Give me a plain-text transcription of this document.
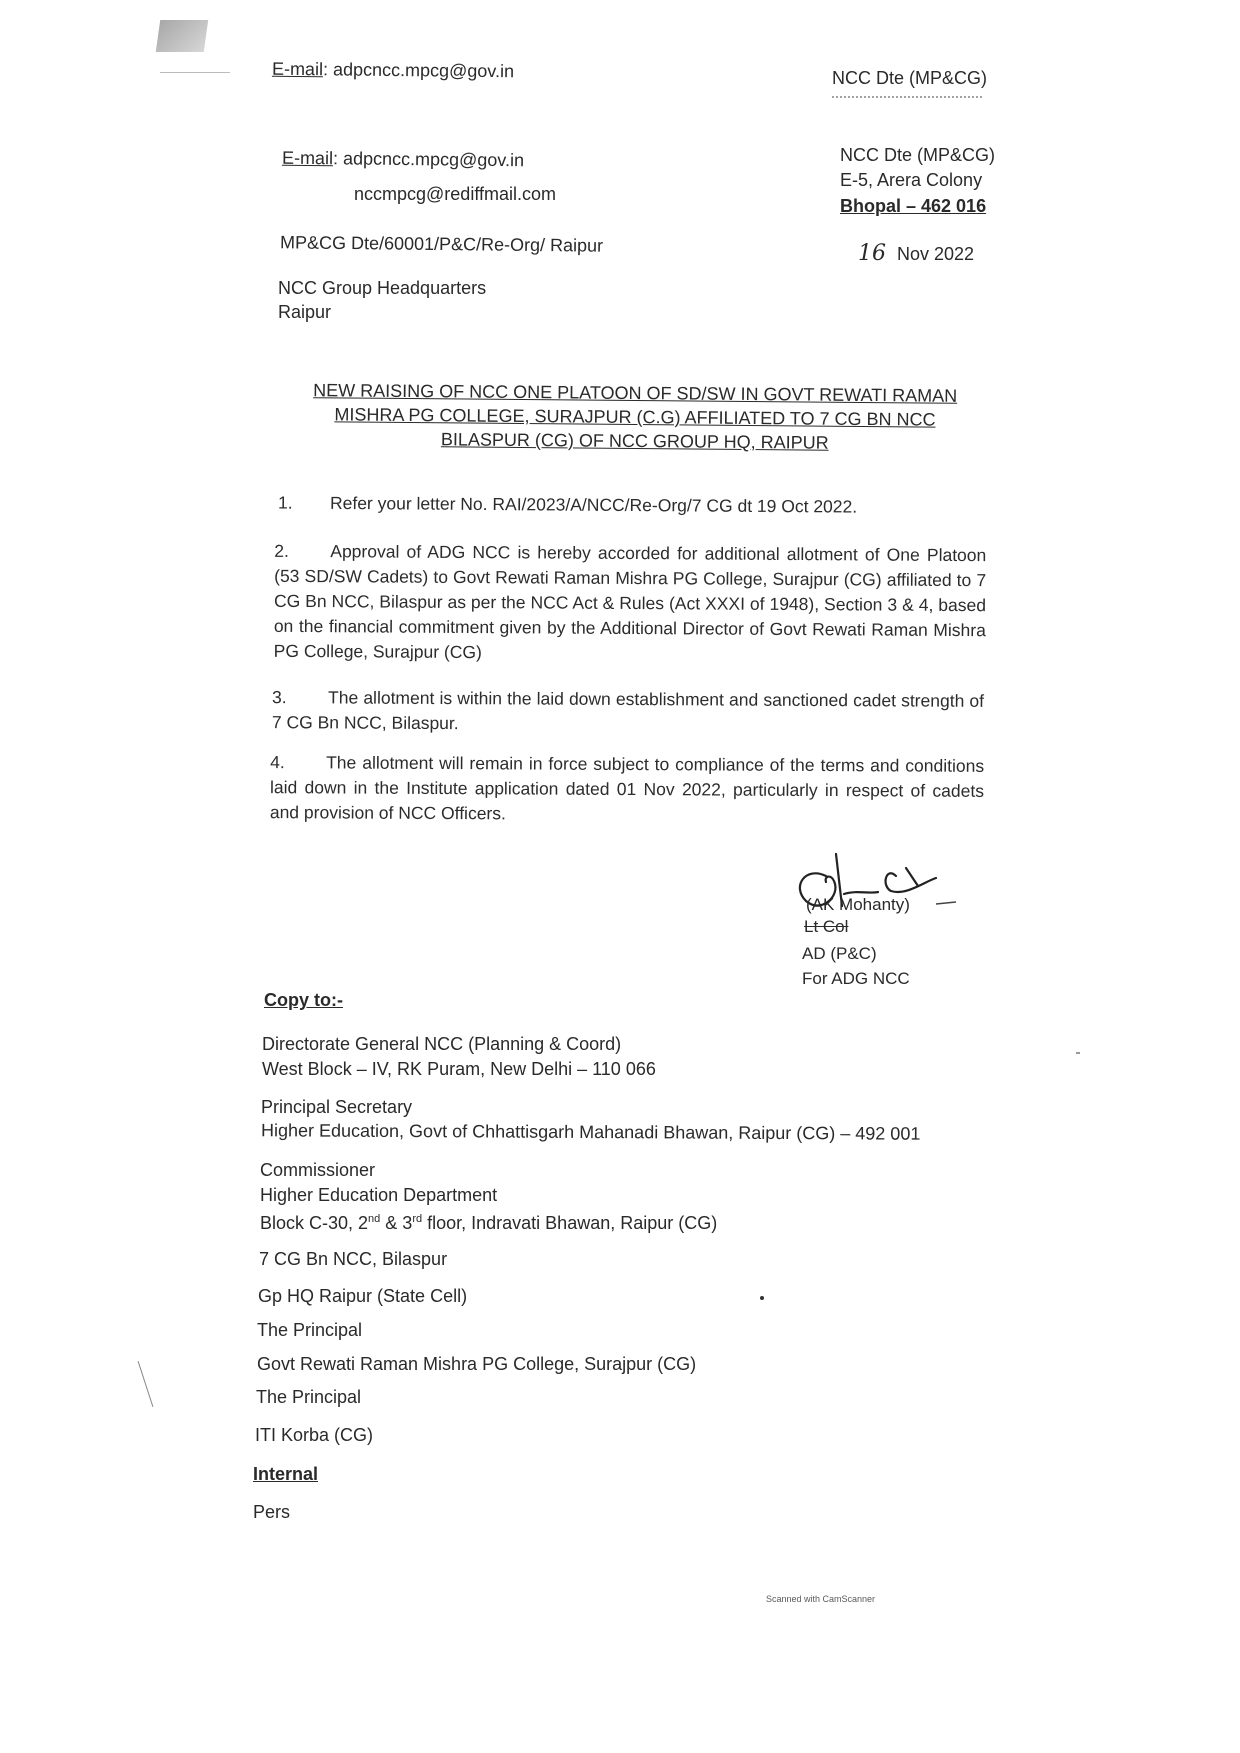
E-mail: adpcncc.mpcg@gov.in	NCC Dte (MP&CG)
E-mail: adpcncc.mpcg@gov.in
nccmpcg@rediffmail.com
MP&CG Dte/60001/P&C/Re-Org/ Raipur
NCC Group Headquarters
Raipur
NCC Dte (MP&CG)
E-5, Arera Colony
Bhopal – 462 016
16 Nov 2022
NEW RAISING OF NCC ONE PLATOON OF SD/SW IN GOVT REWATI RAMAN
MISHRA PG COLLEGE, SURAJPUR (C.G) AFFILIATED TO 7 CG BN NCC
BILASPUR (CG) OF NCC GROUP HQ, RAIPUR
1. Refer your letter No. RAI/2023/A/NCC/Re-Org/7 CG dt 19 Oct 2022.
2. Approval of ADG NCC is hereby accorded for additional allotment of One Platoon (53 SD/SW Cadets) to Govt Rewati Raman Mishra PG College, Surajpur (CG) affiliated to 7 CG Bn NCC, Bilaspur as per the NCC Act & Rules (Act XXXI of 1948), Section 3 & 4, based on the financial commitment given by the Additional Director of Govt Rewati Raman Mishra PG College, Surajpur (CG)
3. The allotment is within the laid down establishment and sanctioned cadet strength of 7 CG Bn NCC, Bilaspur.
4. The allotment will remain in force subject to compliance of the terms and conditions laid down in the Institute application dated 01 Nov 2022, particularly in respect of cadets and provision of NCC Officers.
(AK Mohanty)
Lt Col
AD (P&C)
For ADG NCC
Copy to:-
Directorate General NCC (Planning & Coord)
West Block – IV, RK Puram, New Delhi – 110 066
Principal Secretary
Higher Education, Govt of Chhattisgarh Mahanadi Bhawan, Raipur (CG) – 492 001
Commissioner
Higher Education Department
Block C-30, 2nd & 3rd floor, Indravati Bhawan, Raipur (CG)
7 CG Bn NCC, Bilaspur
Gp HQ Raipur (State Cell)
The Principal
Govt Rewati Raman Mishra PG College, Surajpur (CG)
The Principal
ITI Korba (CG)
Internal
Pers
Scanned with CamScanner
